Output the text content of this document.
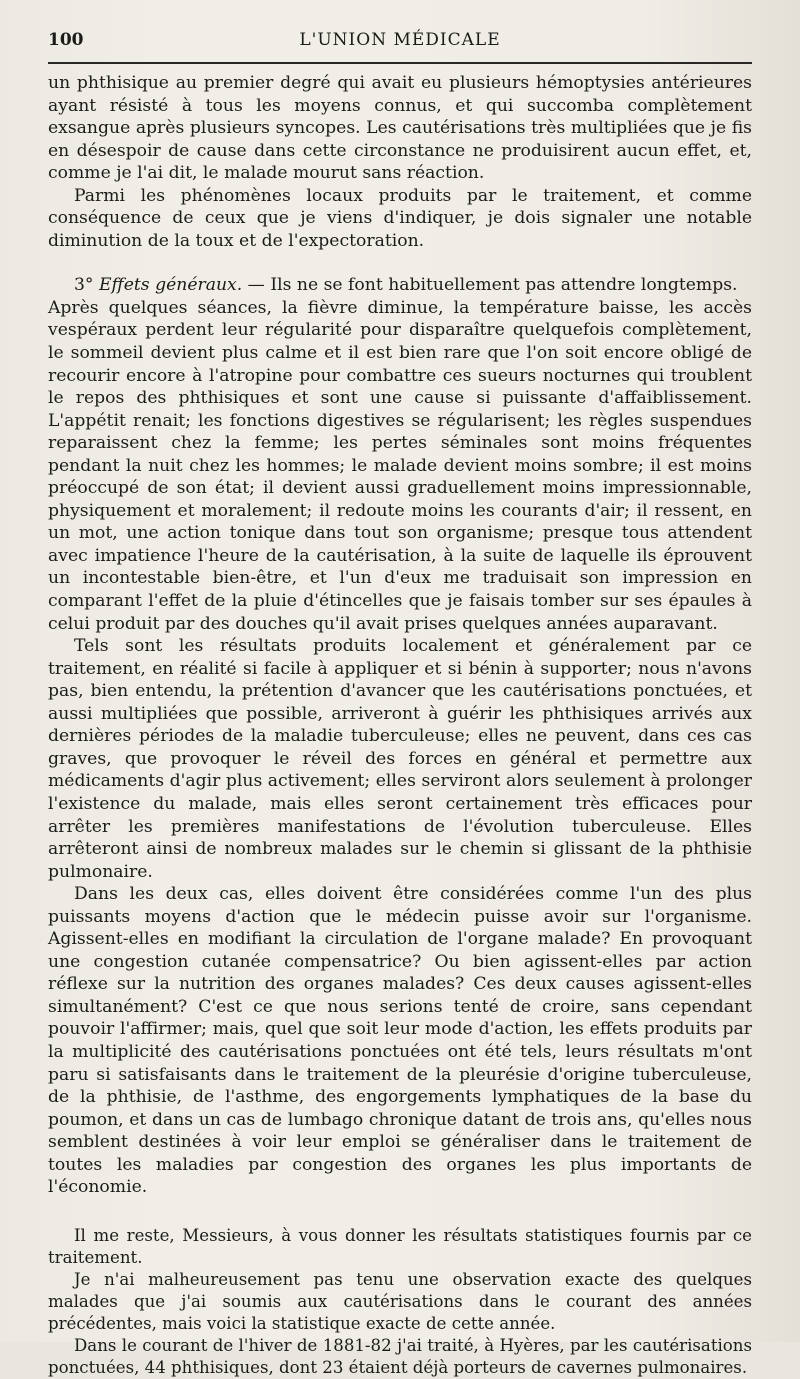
100	L'UNION MÉDICALE

un phthisique au premier degré qui avait eu plusieurs hémoptysies antérieures ayant résisté à tous les moyens connus, et qui succomba complètement exsangue après plusieurs syncopes. Les cautérisations très multipliées que je fis en désespoir de cause dans cette circonstance ne produisirent aucun effet, et, comme je l'ai dit, le malade mourut sans réaction.

Parmi les phénomènes locaux produits par le traitement, et comme conséquence de ceux que je viens d'indiquer, je dois signaler une notable diminution de la toux et de l'expectoration.

3° Effets généraux. — Ils ne se font habituellement pas attendre longtemps.

Après quelques séances, la fièvre diminue, la température baisse, les accès vespéraux perdent leur régularité pour disparaître quelquefois complètement, le sommeil devient plus calme et il est bien rare que l'on soit encore obligé de recourir encore à l'atropine pour combattre ces sueurs nocturnes qui troublent le repos des phthisiques et sont une cause si puissante d'affaiblissement. L'appétit renait; les fonctions digestives se régularisent; les règles suspendues reparaissent chez la femme; les pertes séminales sont moins fréquentes pendant la nuit chez les hommes; le malade devient moins sombre; il est moins préoccupé de son état; il devient aussi graduellement moins impressionnable, physiquement et moralement; il redoute moins les courants d'air; il ressent, en un mot, une action tonique dans tout son organisme; presque tous attendent avec impatience l'heure de la cautérisation, à la suite de laquelle ils éprouvent un incontestable bien-être, et l'un d'eux me traduisait son impression en comparant l'effet de la pluie d'étincelles que je faisais tomber sur ses épaules à celui produit par des douches qu'il avait prises quelques années auparavant.

Tels sont les résultats produits localement et généralement par ce traitement, en réalité si facile à appliquer et si bénin à supporter; nous n'avons pas, bien entendu, la prétention d'avancer que les cautérisations ponctuées, et aussi multipliées que possible, arriveront à guérir les phthisiques arrivés aux dernières périodes de la maladie tuberculeuse; elles ne peuvent, dans ces cas graves, que provoquer le réveil des forces en général et permettre aux médicaments d'agir plus activement; elles serviront alors seulement à prolonger l'existence du malade, mais elles seront certainement très efficaces pour arrêter les premières manifestations de l'évolution tuberculeuse. Elles arrêteront ainsi de nombreux malades sur le chemin si glissant de la phthisie pulmonaire.

Dans les deux cas, elles doivent être considérées comme l'un des plus puissants moyens d'action que le médecin puisse avoir sur l'organisme. Agissent-elles en modifiant la circulation de l'organe malade? En provoquant une congestion cutanée compensatrice? Ou bien agissent-elles par action réflexe sur la nutrition des organes malades? Ces deux causes agissent-elles simultanément? C'est ce que nous serions tenté de croire, sans cependant pouvoir l'affirmer; mais, quel que soit leur mode d'action, les effets produits par la multiplicité des cautérisations ponctuées ont été tels, leurs résultats m'ont paru si satisfaisants dans le traitement de la pleurésie d'origine tuberculeuse, de la phthisie, de l'asthme, des engorgements lymphatiques de la base du poumon, et dans un cas de lumbago chronique datant de trois ans, qu'elles nous semblent destinées à voir leur emploi se généraliser dans le traitement de toutes les maladies par congestion des organes les plus importants de l'économie.

Il me reste, Messieurs, à vous donner les résultats statistiques fournis par ce traitement.

Je n'ai malheureusement pas tenu une observation exacte des quelques malades que j'ai soumis aux cautérisations dans le courant des années précédentes, mais voici la statistique exacte de cette année.

Dans le courant de l'hiver de 1881-82 j'ai traité, à Hyères, par les cautérisations ponctuées, 44 phthisiques, dont 23 étaient déjà porteurs de cavernes pulmonaires.
